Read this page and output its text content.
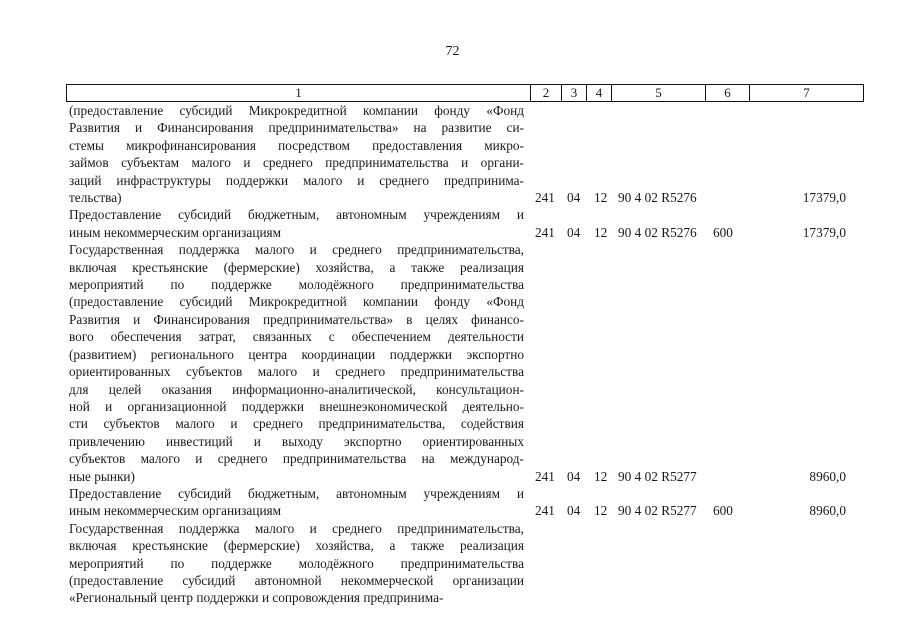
72
1	2	3	4	5	6	7
(предоставление субсидий Микрокредитной компании фонду «Фонд
Развития и Финансирования предпринимательства» на развитие си-
стемы микрофинансирования посредством предоставления микро-
займов субъектам малого и среднего предпринимательства и органи-
заций инфраструктуры поддержки малого и среднего предпринима-
тельства)	241 04 12 90 4 02 R5276	17379,0
Предоставление субсидий бюджетным, автономным учреждениям и
иным некоммерческим организациям	241 04 12 90 4 02 R5276 600	17379,0
Государственная поддержка малого и среднего предпринимательства,
включая крестьянские (фермерские) хозяйства, а также реализация
мероприятий по поддержке молодёжного предпринимательства
(предоставление субсидий Микрокредитной компании фонду «Фонд
Развития и Финансирования предпринимательства» в целях финансо-
вого обеспечения затрат, связанных с обеспечением деятельности
(развитием) регионального центра координации поддержки экспортно
ориентированных субъектов малого и среднего предпринимательства
для целей оказания информационно-аналитической, консультацион-
ной и организационной поддержки внешнеэкономической деятельно-
сти субъектов малого и среднего предпринимательства, содействия
привлечению инвестиций и выходу экспортно ориентированных
субъектов малого и среднего предпринимательства на международ-
ные рынки)	241 04 12 90 4 02 R5277	8960,0
Предоставление субсидий бюджетным, автономным учреждениям и
иным некоммерческим организациям	241 04 12 90 4 02 R5277 600	8960,0
Государственная поддержка малого и среднего предпринимательства,
включая крестьянские (фермерские) хозяйства, а также реализация
мероприятий по поддержке молодёжного предпринимательства
(предоставление субсидий автономной некоммерческой организации
«Региональный центр поддержки и сопровождения предпринима-
